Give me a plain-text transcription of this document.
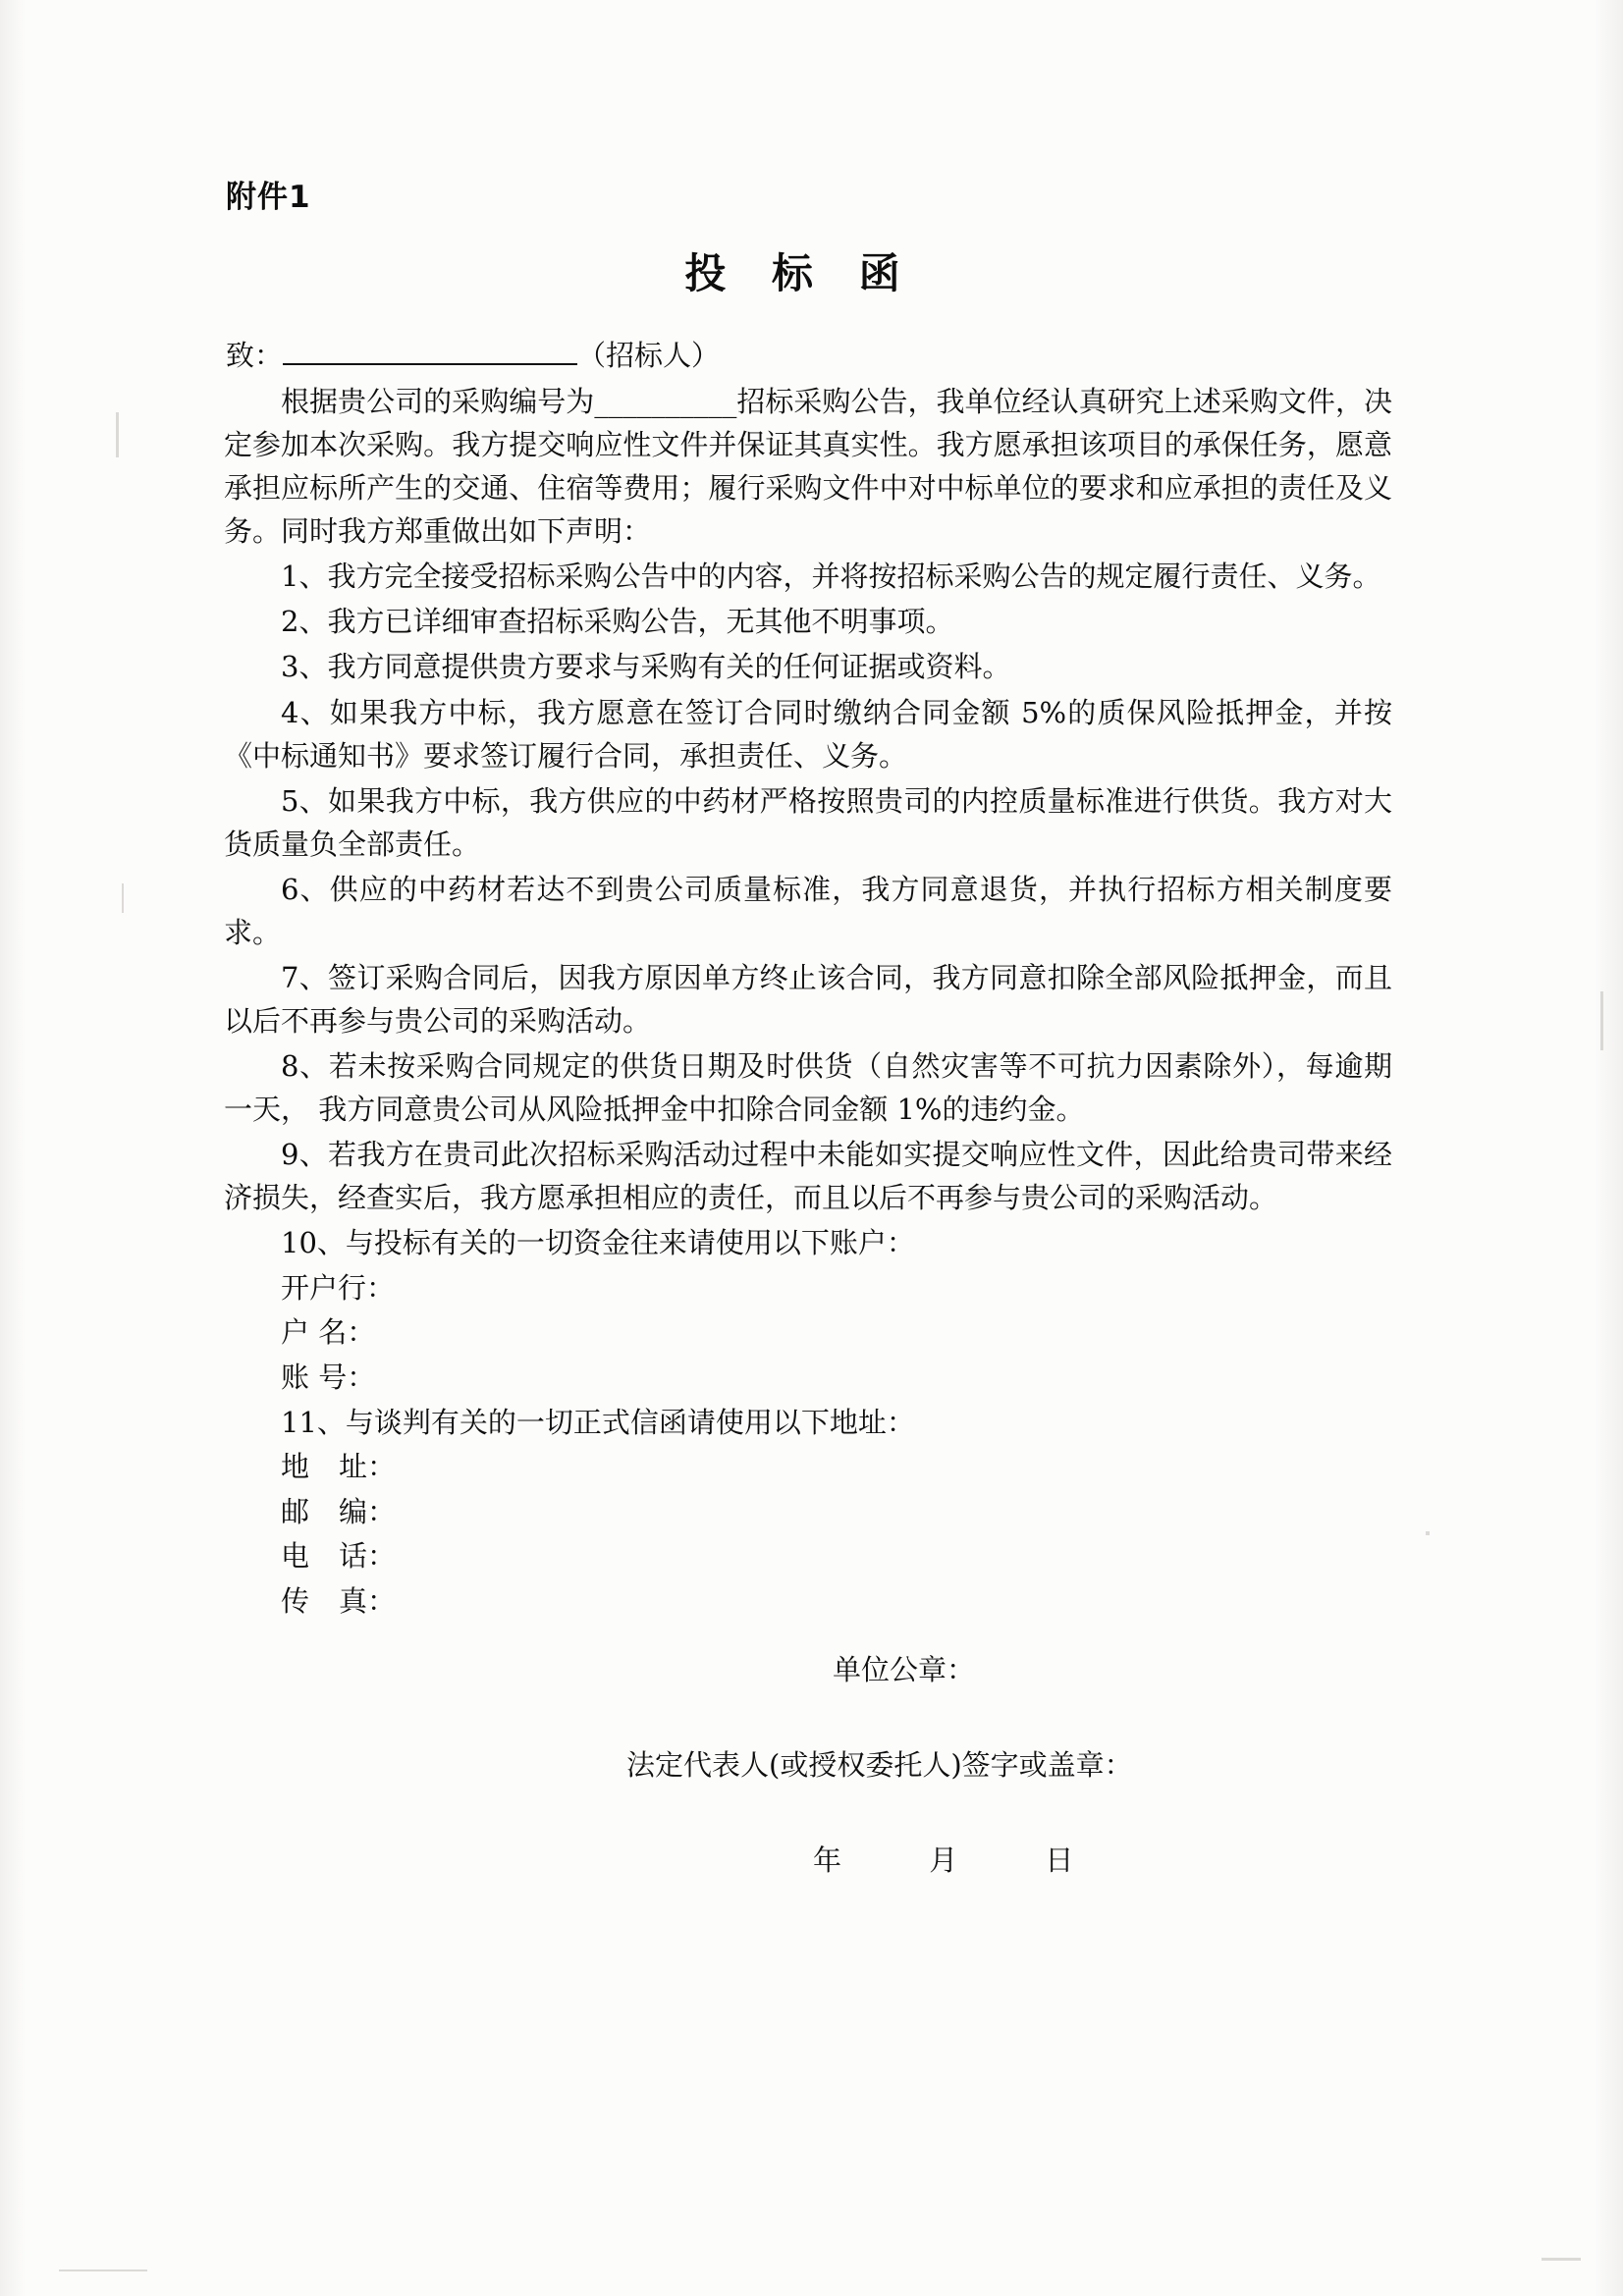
附件1
投 标 函
致：	（招标人）

根据贵公司的采购编号为__________招标采购公告，我单位经认真研究上述采购文件，决定参加本次采购。我方提交响应性文件并保证其真实性。我方愿承担该项目的承保任务，愿意承担应标所产生的交通、住宿等费用；履行采购文件中对中标单位的要求和应承担的责任及义务。同时我方郑重做出如下声明：

1、我方完全接受招标采购公告中的内容，并将按招标采购公告的规定履行责任、义务。

2、我方已详细审查招标采购公告，无其他不明事项。

3、我方同意提供贵方要求与采购有关的任何证据或资料。

4、如果我方中标，我方愿意在签订合同时缴纳合同金额 5%的质保风险抵押金，并按《中标通知书》要求签订履行合同，承担责任、义务。

5、如果我方中标，我方供应的中药材严格按照贵司的内控质量标准进行供货。我方对大货质量负全部责任。

6、供应的中药材若达不到贵公司质量标准，我方同意退货，并执行招标方相关制度要求。

7、签订采购合同后，因我方原因单方终止该合同，我方同意扣除全部风险抵押金，而且以后不再参与贵公司的采购活动。

8、若未按采购合同规定的供货日期及时供货（自然灾害等不可抗力因素除外），每逾期一天， 我方同意贵公司从风险抵押金中扣除合同金额 1%的违约金。

9、若我方在贵司此次招标采购活动过程中未能如实提交响应性文件，因此给贵司带来经济损失，经查实后，我方愿承担相应的责任，而且以后不再参与贵公司的采购活动。

10、与投标有关的一切资金往来请使用以下账户：

开户行：

户 名：

账 号：

11、与谈判有关的一切正式信函请使用以下地址：

地址：

邮编：

电话：

传真：

单位公章：

法定代表人(或授权委托人)签字或盖章：

年 月 日
